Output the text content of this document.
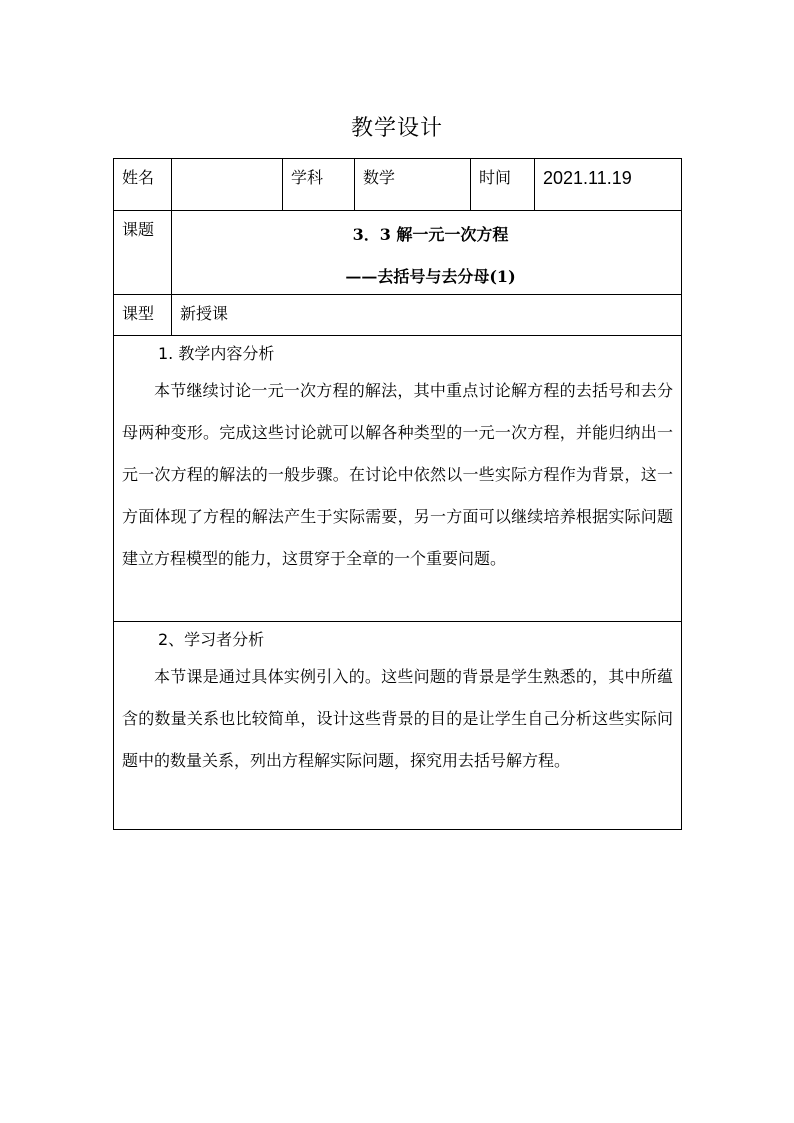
教学设计
姓名		学科	数学	时间	2021.11.19
课题	3．3 解一元一次方程
——去括号与去分母(1)				

课型	新授课				

1. 教学内容分析
本节继续讨论一元一次方程的解法，其中重点讨论解方程的去括号和去分母两种变形。完成这些讨论就可以解各种类型的一元一次方程，并能归纳出一元一次方程的解法的一般步骤。在讨论中依然以一些实际方程作为背景，这一方面体现了方程的解法产生于实际需要，另一方面可以继续培养根据实际问题建立方程模型的能力，这贯穿于全章的一个重要问题。					

2、学习者分析
本节课是通过具体实例引入的。这些问题的背景是学生熟悉的，其中所蕴含的数量关系也比较简单，设计这些背景的目的是让学生自己分析这些实际问题中的数量关系，列出方程解实际问题，探究用去括号解方程。					
